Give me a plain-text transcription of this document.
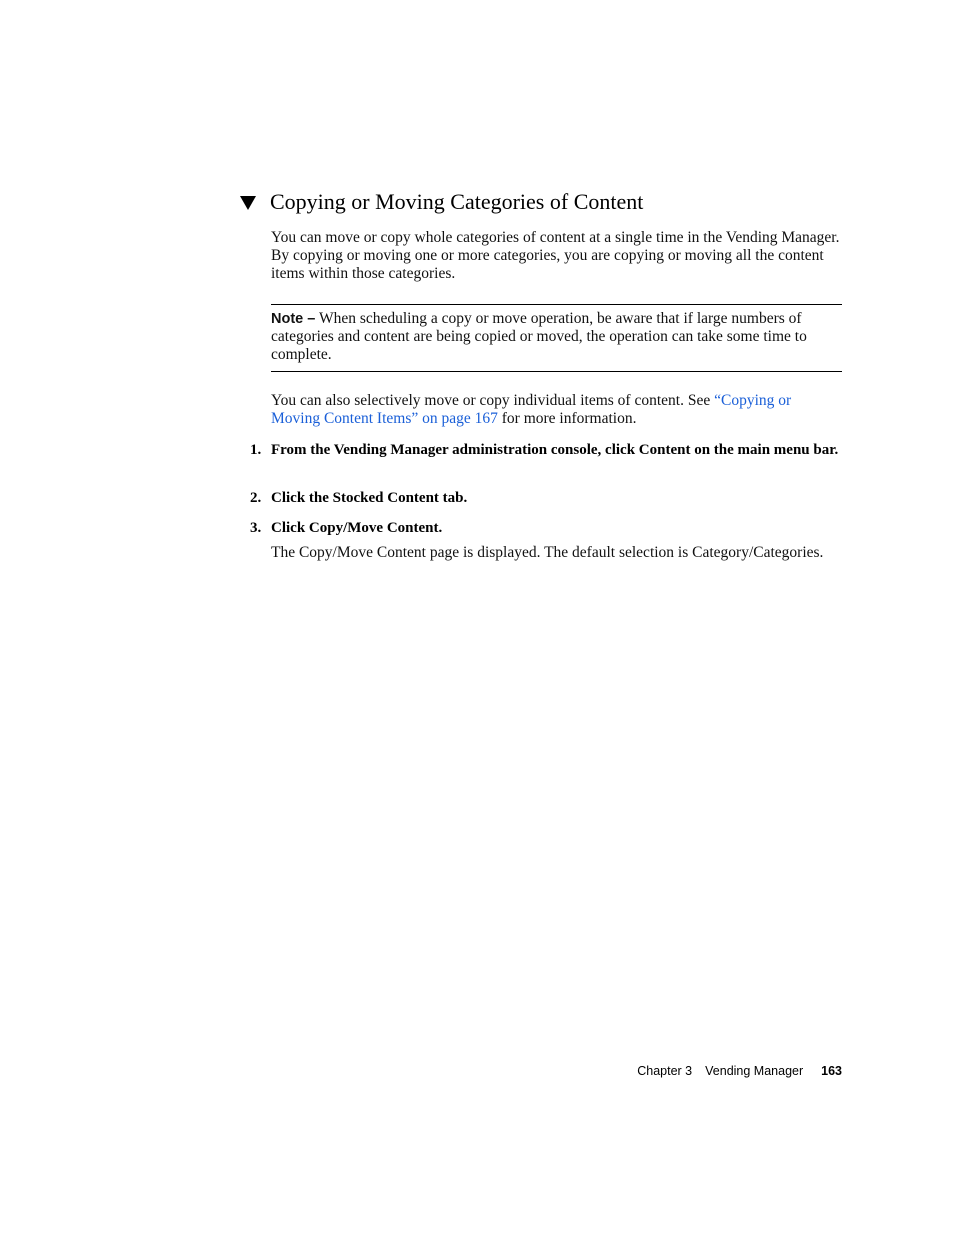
Copying or Moving Categories of Content
You can move or copy whole categories of content at a single time in the Vending Manager. By copying or moving one or more categories, you are copying or moving all the content items within those categories.
Note – When scheduling a copy or move operation, be aware that if large numbers of categories and content are being copied or moved, the operation can take some time to complete.
You can also selectively move or copy individual items of content. See “Copying or Moving Content Items” on page 167 for more information.
1. From the Vending Manager administration console, click Content on the main menu bar.
2. Click the Stocked Content tab.
3. Click Copy/Move Content.
The Copy/Move Content page is displayed. The default selection is Category/Categories.
Chapter 3 Vending Manager 163
